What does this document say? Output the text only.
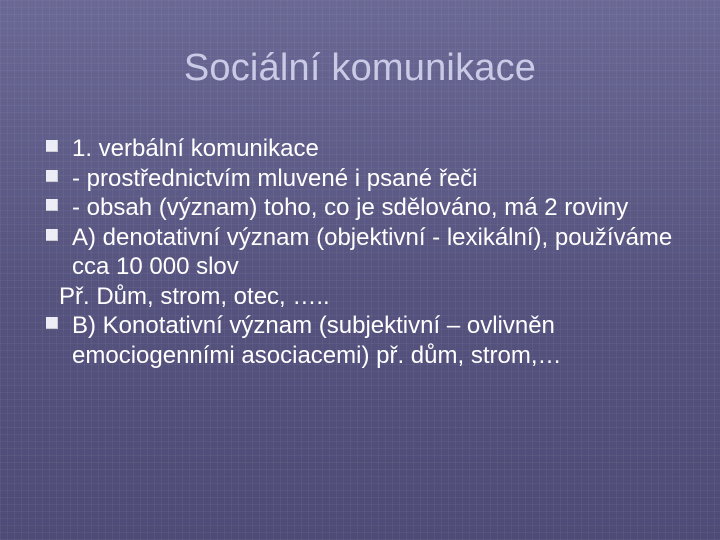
Sociální komunikace
1. verbální komunikace
- prostřednictvím mluvené i psané řeči
- obsah (význam) toho, co je sdělováno, má 2 roviny
A) denotativní význam (objektivní - lexikální), používáme cca 10 000 slov
Př. Dům, strom, otec, …..
B) Konotativní význam (subjektivní – ovlivněn emociogenními asociacemi) př. dům, strom,…
